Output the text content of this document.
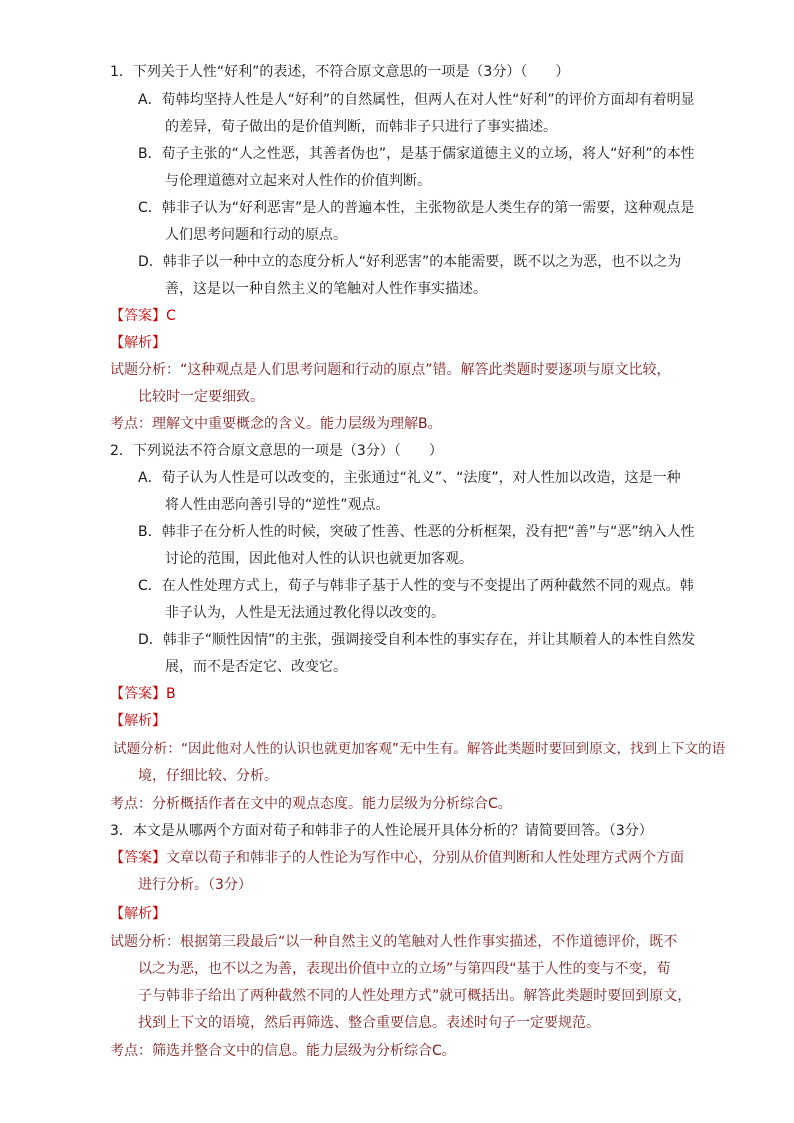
1．下列关于人性“好利”的表述，不符合原文意思的一项是（3分）（　　）
A．荀韩均坚持人性是人“好利”的自然属性，但两人在对人性“好利”的评价方面却有着明显
的差异，荀子做出的是价值判断，而韩非子只进行了事实描述。
B．荀子主张的“人之性恶，其善者伪也”，是基于儒家道德主义的立场，将人“好利”的本性
与伦理道德对立起来对人性作的价值判断。
C．韩非子认为“好利恶害”是人的普遍本性，主张物欲是人类生存的第一需要，这种观点是
人们思考问题和行动的原点。
D．韩非子以一种中立的态度分析人“好利恶害”的本能需要，既不以之为恶，也不以之为
善，这是以一种自然主义的笔触对人性作事实描述。
【答案】C
【解析】
试题分析：“这种观点是人们思考问题和行动的原点”错。解答此类题时要逐项与原文比较，
比较时一定要细致。
考点：理解文中重要概念的含义。能力层级为理解B。
2．下列说法不符合原文意思的一项是（3分）（　　）
A．荀子认为人性是可以改变的，主张通过“礼义”、“法度”，对人性加以改造，这是一种
将人性由恶向善引导的“逆性”观点。
B．韩非子在分析人性的时候，突破了性善、性恶的分析框架，没有把“善”与“恶”纳入人性
讨论的范围，因此他对人性的认识也就更加客观。
C．在人性处理方式上，荀子与韩非子基于人性的变与不变提出了两种截然不同的观点。韩
非子认为，人性是无法通过教化得以改变的。
D．韩非子“顺性因情”的主张，强调接受自利本性的事实存在，并让其顺着人的本性自然发
展，而不是否定它、改变它。
【答案】B
【解析】
试题分析：“因此他对人性的认识也就更加客观”无中生有。解答此类题时要回到原文，找到上下文的语
境，仔细比较、分析。
考点：分析概括作者在文中的观点态度。能力层级为分析综合C。
3．本文是从哪两个方面对荀子和韩非子的人性论展开具体分析的？请简要回答。（3分）
【答案】文章以荀子和韩非子的人性论为写作中心，分别从价值判断和人性处理方式两个方面
进行分析。（3分）
【解析】
试题分析：根据第三段最后“以一种自然主义的笔触对人性作事实描述，不作道德评价，既不
以之为恶，也不以之为善，表现出价值中立的立场”与第四段“基于人性的变与不变，荀
子与韩非子给出了两种截然不同的人性处理方式”就可概括出。解答此类题时要回到原文，
找到上下文的语境，然后再筛选、整合重要信息。表述时句子一定要规范。
考点：筛选并整合文中的信息。能力层级为分析综合C。
